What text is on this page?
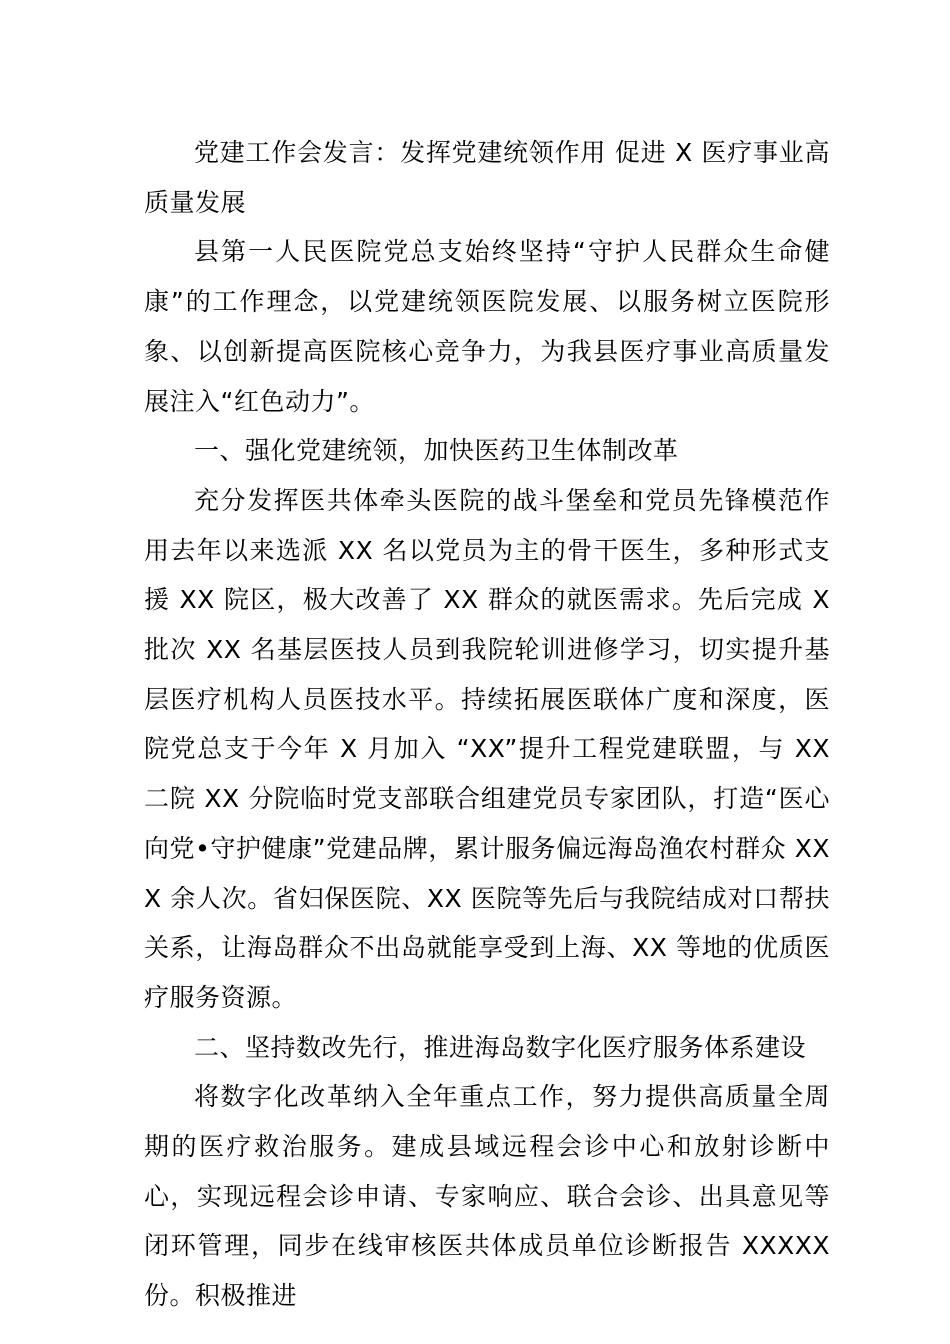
党建工作会发言：发挥党建统领作用 促进 X 医疗事业高质量发展

县第一人民医院党总支始终坚持“守护人民群众生命健康”的工作理念，以党建统领医院发展、以服务树立医院形象、以创新提高医院核心竞争力，为我县医疗事业高质量发展注入“红色动力”。

一、强化党建统领，加快医药卫生体制改革

充分发挥医共体牵头医院的战斗堡垒和党员先锋模范作用去年以来选派 XX 名以党员为主的骨干医生，多种形式支援 XX 院区，极大改善了 XX 群众的就医需求。先后完成 X 批次 XX 名基层医技人员到我院轮训进修学习，切实提升基层医疗机构人员医技水平。持续拓展医联体广度和深度，医院党总支于今年 X 月加入 “XX”提升工程党建联盟，与 XX 二院 XX 分院临时党支部联合组建党员专家团队，打造“医心向党•守护健康”党建品牌，累计服务偏远海岛渔农村群众 XXX 余人次。省妇保医院、XX 医院等先后与我院结成对口帮扶关系，让海岛群众不出岛就能享受到上海、XX 等地的优质医疗服务资源。

二、坚持数改先行，推进海岛数字化医疗服务体系建设

将数字化改革纳入全年重点工作，努力提供高质量全周期的医疗救治服务。建成县域远程会诊中心和放射诊断中心，实现远程会诊申请、专家响应、联合会诊、出具意见等闭环管理，同步在线审核医共体成员单位诊断报告 XXXXX 份。积极推进
